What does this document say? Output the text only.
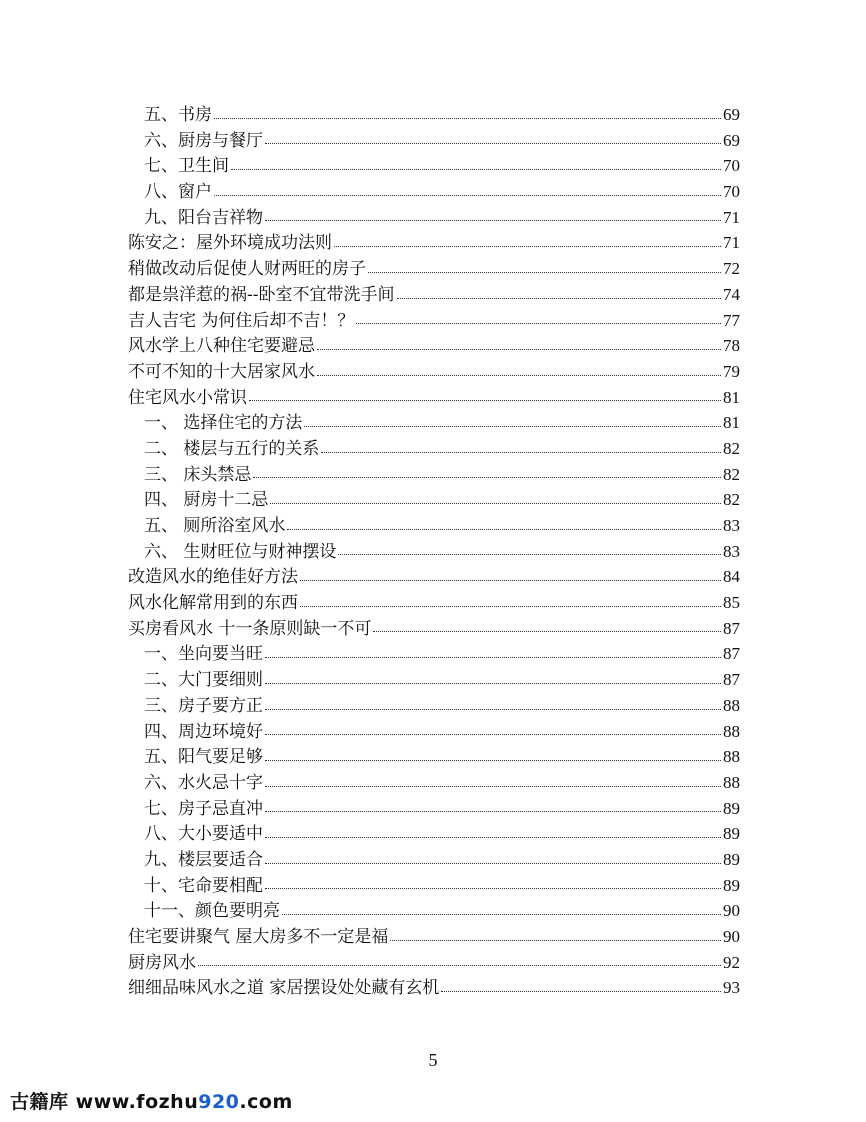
五、书房	69
六、厨房与餐厅	69
七、卫生间	70
八、窗户	70
九、阳台吉祥物	71
陈安之：屋外环境成功法则	71
稍做改动后促使人财两旺的房子	72
都是祟洋惹的祸--卧室不宜带洗手间	74
吉人吉宅 为何住后却不吉！？	77
风水学上八种住宅要避忌	78
不可不知的十大居家风水	79
住宅风水小常识	81
一、 选择住宅的方法	81
二、 楼层与五行的关系	82
三、 床头禁忌	82
四、 厨房十二忌	82
五、 厕所浴室风水	83
六、 生财旺位与财神摆设	83
改造风水的绝佳好方法	84
风水化解常用到的东西	85
买房看风水 十一条原则缺一不可	87
一、坐向要当旺	87
二、大门要细则	87
三、房子要方正	88
四、周边环境好	88
五、阳气要足够	88
六、水火忌十字	88
七、房子忌直冲	89
八、大小要适中	89
九、楼层要适合	89
十、宅命要相配	89
十一、颜色要明亮	90
住宅要讲聚气 屋大房多不一定是福	90
厨房风水	92
细细品味风水之道 家居摆设处处藏有玄机	93
5
古籍库 www.fozhu920.com
